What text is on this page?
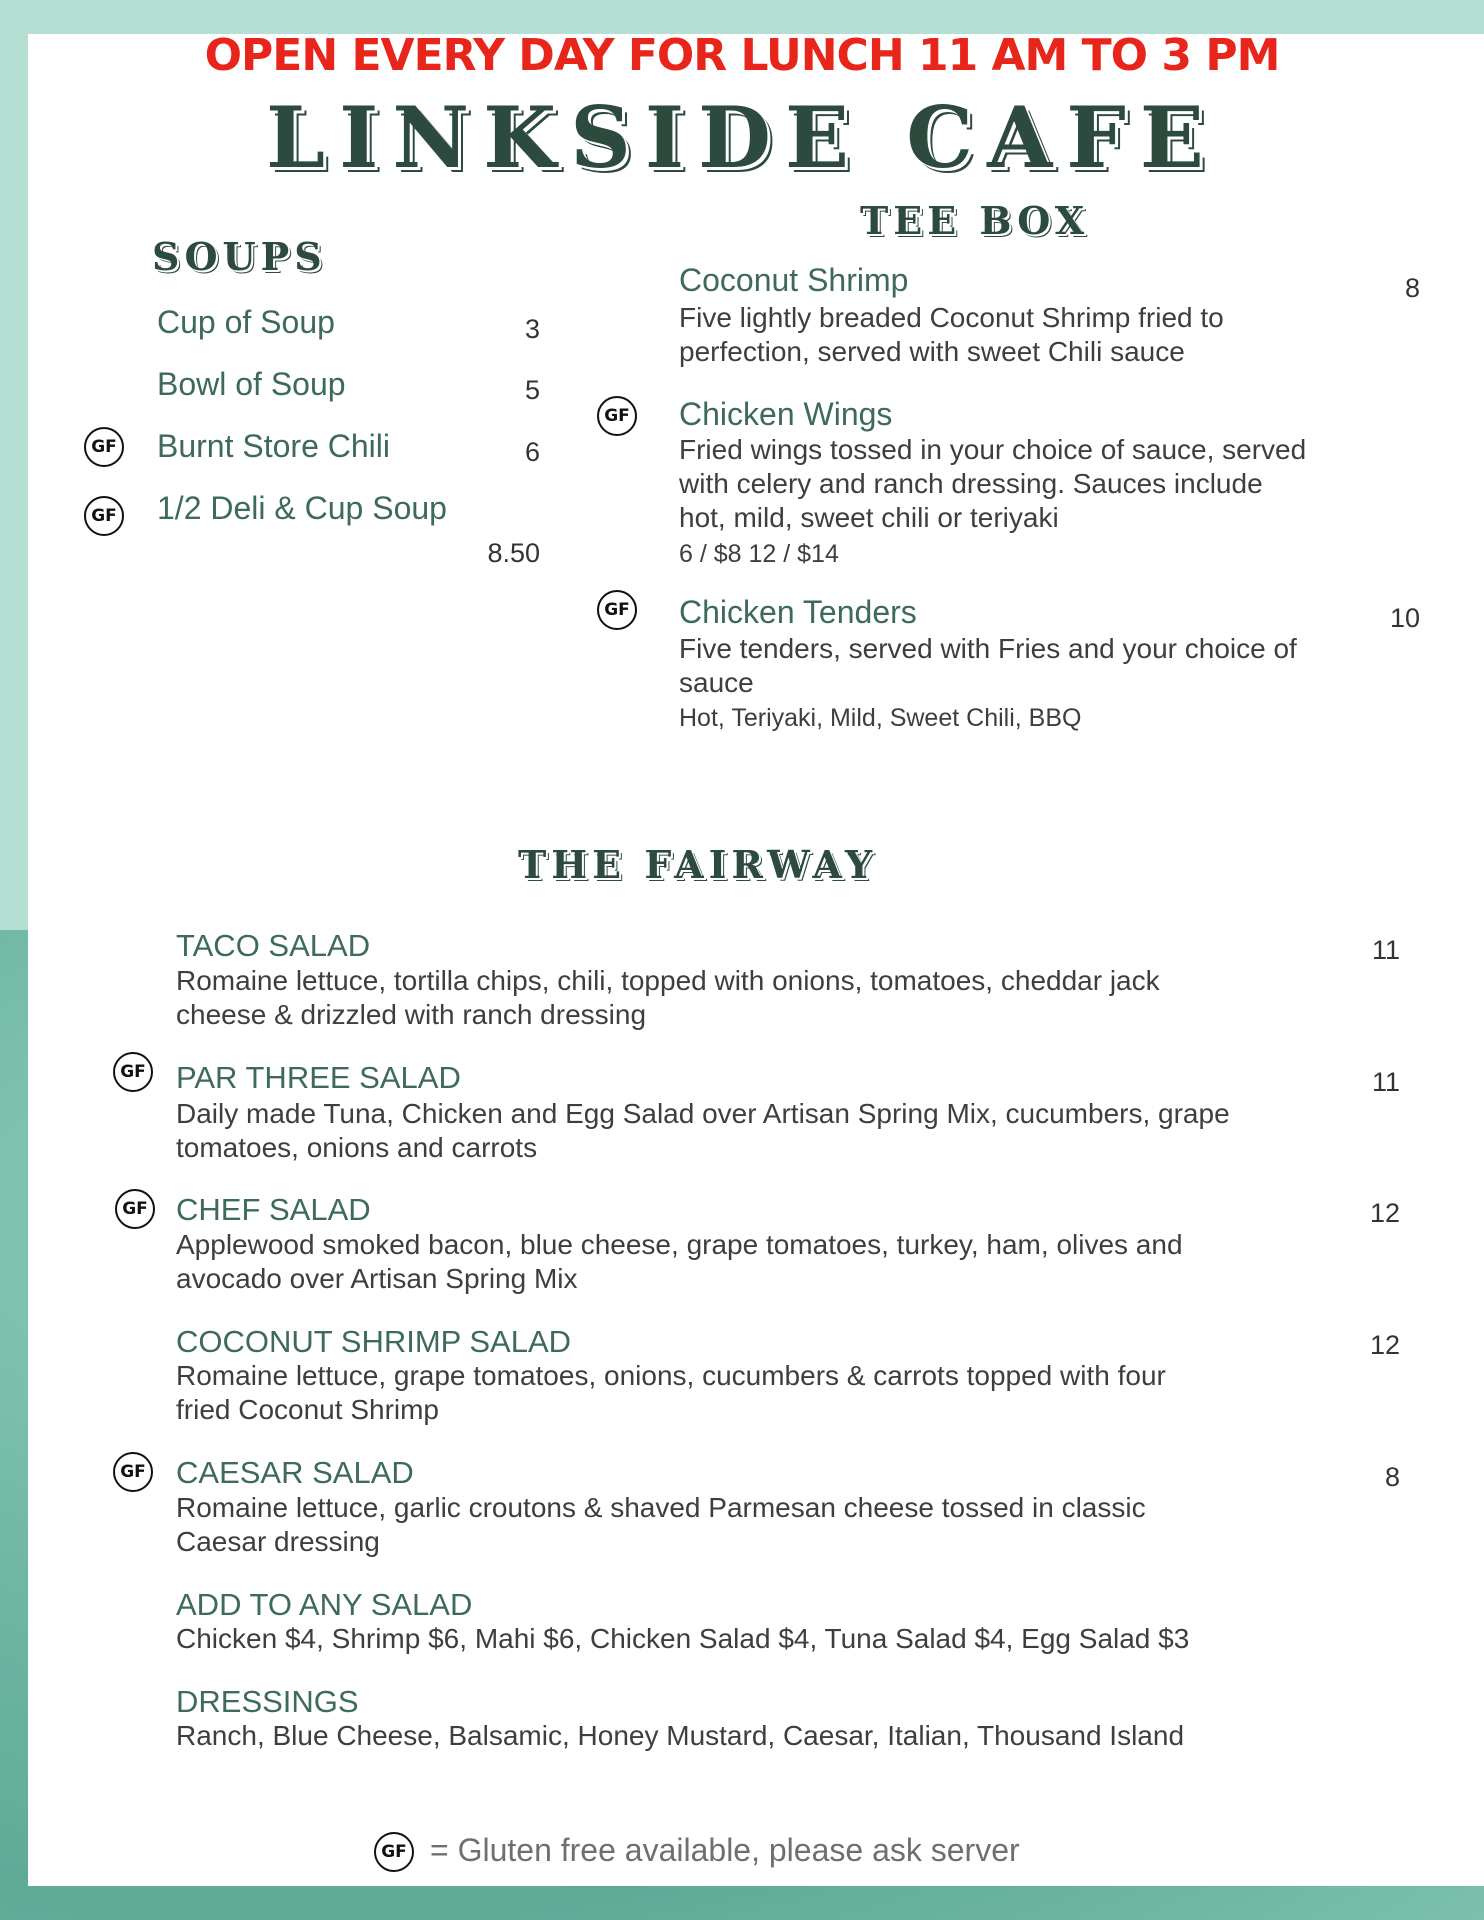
OPEN EVERY DAY FOR LUNCH 11 AM TO 3 PM
LINKSIDE CAFE
SOUPS
Cup of Soup	3
Bowl of Soup	5
GF Burnt Store Chili	6
GF 1/2 Deli & Cup Soup
8.50
TEE BOX
Coconut Shrimp	8
Five lightly breaded Coconut Shrimp fried to
perfection, served with sweet Chili sauce
GF Chicken Wings
Fried wings tossed in your choice of sauce, served
with celery and ranch dressing. Sauces include
hot, mild, sweet chili or teriyaki
6 / $8 12 / $14
GF Chicken Tenders	10
Five tenders, served with Fries and your choice of
sauce
Hot, Teriyaki, Mild, Sweet Chili, BBQ
THE FAIRWAY
TACO SALAD	11
Romaine lettuce, tortilla chips, chili, topped with onions, tomatoes, cheddar jack
cheese & drizzled with ranch dressing
GF PAR THREE SALAD	11
Daily made Tuna, Chicken and Egg Salad over Artisan Spring Mix, cucumbers, grape
tomatoes, onions and carrots
GF CHEF SALAD	12
Applewood smoked bacon, blue cheese, grape tomatoes, turkey, ham, olives and
avocado over Artisan Spring Mix
COCONUT SHRIMP SALAD	12
Romaine lettuce, grape tomatoes, onions, cucumbers & carrots topped with four
fried Coconut Shrimp
GF CAESAR SALAD	8
Romaine lettuce, garlic croutons & shaved Parmesan cheese tossed in classic
Caesar dressing
ADD TO ANY SALAD
Chicken $4, Shrimp $6, Mahi $6, Chicken Salad $4, Tuna Salad $4, Egg Salad $3
DRESSINGS
Ranch, Blue Cheese, Balsamic, Honey Mustard, Caesar, Italian, Thousand Island
GF = Gluten free available, please ask server
